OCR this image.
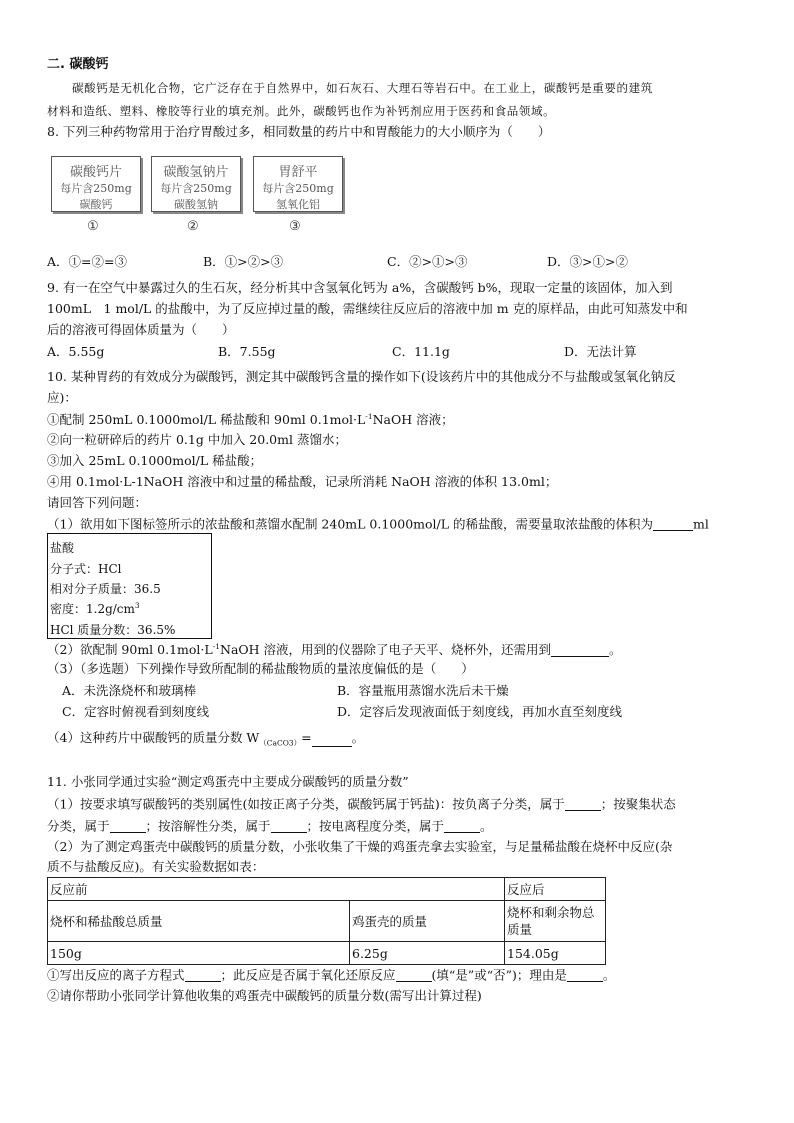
二. 碳酸钙
碳酸钙是无机化合物，它广泛存在于自然界中，如石灰石、大理石等岩石中。在工业上，碳酸钙是重要的建筑
材料和造纸、塑料、橡胶等行业的填充剂。此外，碳酸钙也作为补钙剂应用于医药和食品领域。
8. 下列三种药物常用于治疗胃酸过多，相同数量的药片中和胃酸能力的大小顺序为（　　）
碳酸钙片
每片含250mg
碳酸钙
碳酸氢钠片
每片含250mg
碳酸氢钠
胃舒平
每片含250mg
氢氧化铝
①	②	③
A．①=②=③	B．①>②>③	C．②>①>③	D．③>①>②
9. 有一在空气中暴露过久的生石灰，经分析其中含氢氧化钙为 a%，含碳酸钙 b%，现取一定量的该固体，加入到
100mL　1 mol/L 的盐酸中，为了反应掉过量的酸，需继续往反应后的溶液中加 m 克的原样品，由此可知蒸发中和
后的溶液可得固体质量为（　　）
A．5.55g	B．7.55g	C．11.1g	D．无法计算
10. 某种胃药的有效成分为碳酸钙，测定其中碳酸钙含量的操作如下(设该药片中的其他成分不与盐酸或氢氧化钠反
应)：
①配制 250mL 0.1000mol/L 稀盐酸和 90ml $0.1mol\cdot L^{-1}NaOH$ 溶液；
②向一粒研碎后的药片 0.1g 中加入 20.0ml 蒸馏水；
③加入 25mL 0.1000mol/L 稀盐酸；
④用 0.1mol·L-1NaOH 溶液中和过量的稀盐酸，记录所消耗 NaOH 溶液的体积 13.0ml；
请回答下列问题：
（1）欲用如下图标签所示的浓盐酸和蒸馏水配制 240mL 0.1000mol/L 的稀盐酸，需要量取浓盐酸的体积为	ml
盐酸
分子式：HCl
相对分子质量：36.5
密度：$1.2g/cm^3$
HCl 质量分数：36.5%
（2）欲配制 90ml $0.1mol\cdot L^{-1}NaOH$ 溶液，用到的仪器除了电子天平、烧杯外，还需用到	。
（3）（多选题）下列操作导致所配制的稀盐酸物质的量浓度偏低的是（　　）
A．未洗涤烧杯和玻璃棒	B．容量瓶用蒸馏水洗后未干燥
C．定容时俯视看到刻度线	D．定容后发现液面低于刻度线，再加水直至刻度线
（4）这种药片中碳酸钙的质量分数 $W_{(CaCO3)}=$	。
11. 小张同学通过实验“测定鸡蛋壳中主要成分碳酸钙的质量分数”
（1）按要求填写碳酸钙的类别属性(如按正离子分类，碳酸钙属于钙盐)：按负离子分类，属于	；按聚集状态
分类，属于	；按溶解性分类，属于	；按电离程度分类，属于	。
（2）为了测定鸡蛋壳中碳酸钙的质量分数，小张收集了干燥的鸡蛋壳拿去实验室，与足量稀盐酸在烧杯中反应(杂
质不与盐酸反应)。有关实验数据如表：
反应前		反应后
烧杯和稀盐酸总质量	鸡蛋壳的质量	烧杯和剩余物总质量
150g	6.25g	154.05g
①写出反应的离子方程式	；此反应是否属于氧化还原反应	(填“是”或“否”)；理由是	。
②请你帮助小张同学计算他收集的鸡蛋壳中碳酸钙的质量分数(需写出计算过程)
